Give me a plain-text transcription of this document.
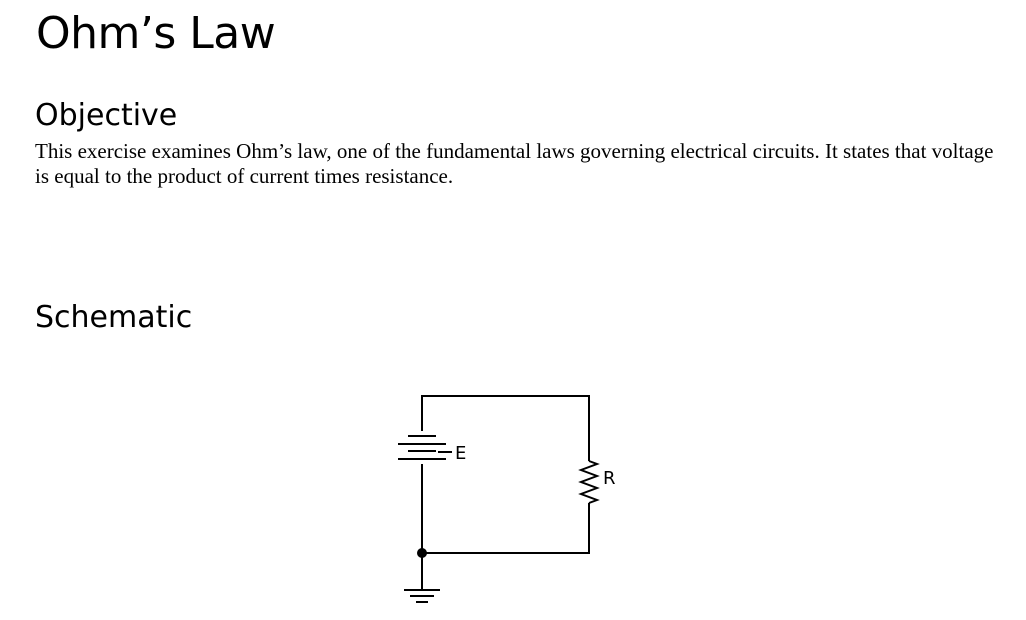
Ohm’s Law
Objective

This exercise examines Ohm’s law, one of the fundamental laws governing electrical circuits. It states that voltage is equal to the product of current times resistance.

Schematic
E
R
